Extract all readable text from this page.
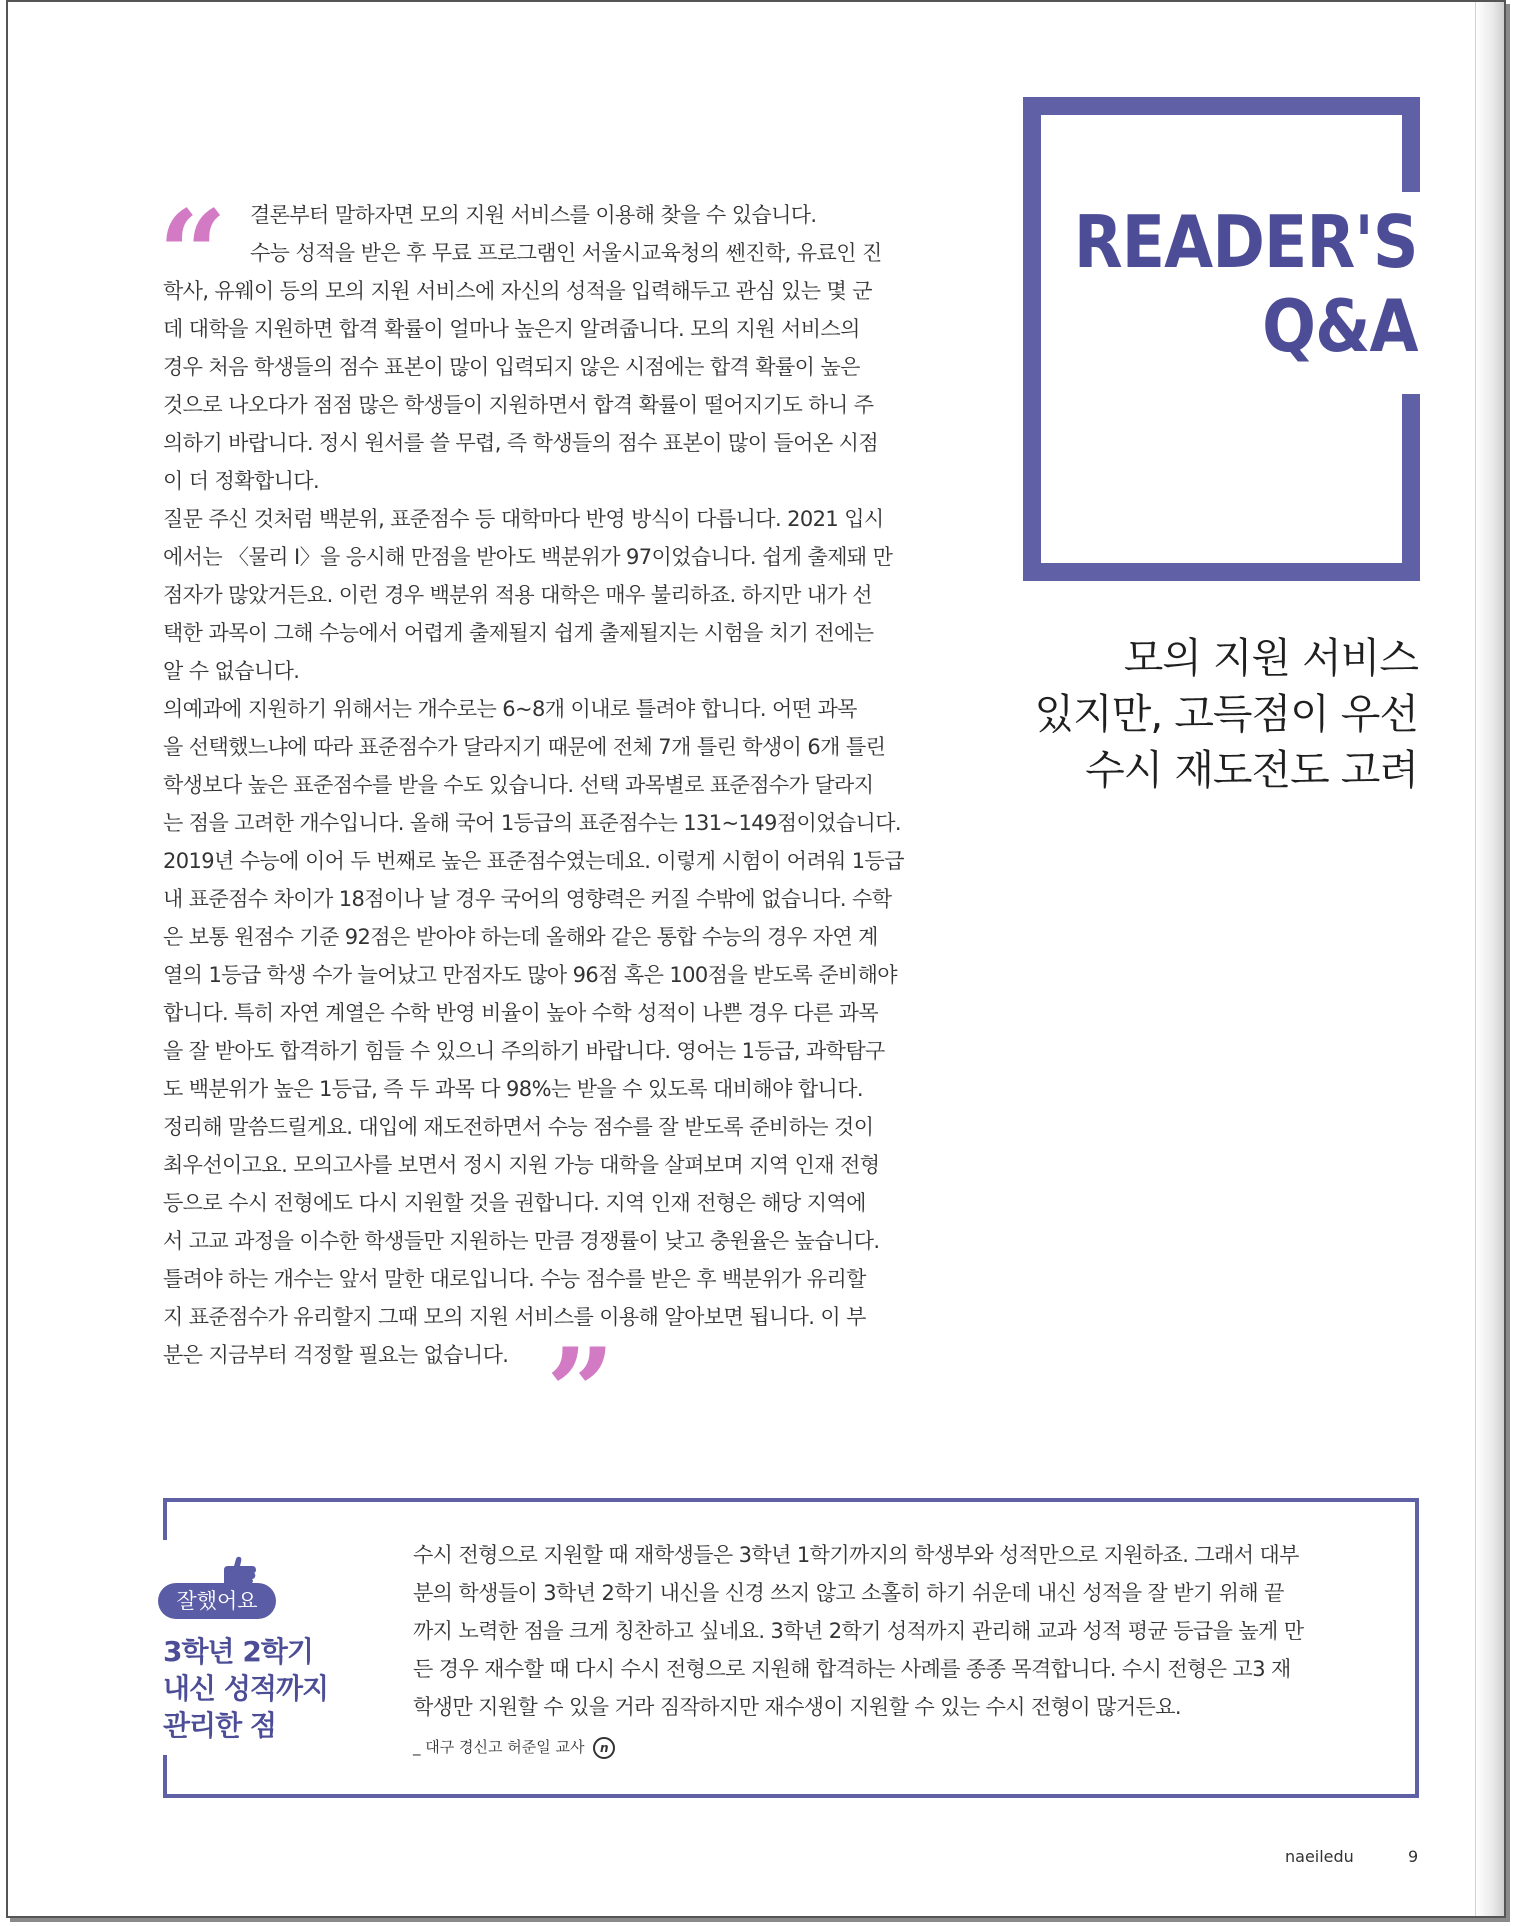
READER'S
Q&A
모의 지원 서비스
있지만, 고득점이 우선
수시 재도전도 고려
“	결론부터 말하자면 모의 지원 서비스를 이용해 찾을 수 있습니다.
수능 성적을 받은 후 무료 프로그램인 서울시교육청의 쎈진학, 유료인 진
학사, 유웨이 등의 모의 지원 서비스에 자신의 성적을 입력해두고 관심 있는 몇 군
데 대학을 지원하면 합격 확률이 얼마나 높은지 알려줍니다. 모의 지원 서비스의
경우 처음 학생들의 점수 표본이 많이 입력되지 않은 시점에는 합격 확률이 높은
것으로 나오다가 점점 많은 학생들이 지원하면서 합격 확률이 떨어지기도 하니 주
의하기 바랍니다. 정시 원서를 쓸 무렵, 즉 학생들의 점수 표본이 많이 들어온 시점
이 더 정확합니다.
질문 주신 것처럼 백분위, 표준점수 등 대학마다 반영 방식이 다릅니다. 2021 입시
에서는 〈물리 Ⅰ〉을 응시해 만점을 받아도 백분위가 97이었습니다. 쉽게 출제돼 만
점자가 많았거든요. 이런 경우 백분위 적용 대학은 매우 불리하죠. 하지만 내가 선
택한 과목이 그해 수능에서 어렵게 출제될지 쉽게 출제될지는 시험을 치기 전에는
알 수 없습니다.
의예과에 지원하기 위해서는 개수로는 6~8개 이내로 틀려야 합니다. 어떤 과목
을 선택했느냐에 따라 표준점수가 달라지기 때문에 전체 7개 틀린 학생이 6개 틀린
학생보다 높은 표준점수를 받을 수도 있습니다. 선택 과목별로 표준점수가 달라지
는 점을 고려한 개수입니다. 올해 국어 1등급의 표준점수는 131~149점이었습니다.
2019년 수능에 이어 두 번째로 높은 표준점수였는데요. 이렇게 시험이 어려워 1등급
내 표준점수 차이가 18점이나 날 경우 국어의 영향력은 커질 수밖에 없습니다. 수학
은 보통 원점수 기준 92점은 받아야 하는데 올해와 같은 통합 수능의 경우 자연 계
열의 1등급 학생 수가 늘어났고 만점자도 많아 96점 혹은 100점을 받도록 준비해야
합니다. 특히 자연 계열은 수학 반영 비율이 높아 수학 성적이 나쁜 경우 다른 과목
을 잘 받아도 합격하기 힘들 수 있으니 주의하기 바랍니다. 영어는 1등급, 과학탐구
도 백분위가 높은 1등급, 즉 두 과목 다 98%는 받을 수 있도록 대비해야 합니다.
정리해 말씀드릴게요. 대입에 재도전하면서 수능 점수를 잘 받도록 준비하는 것이
최우선이고요. 모의고사를 보면서 정시 지원 가능 대학을 살펴보며 지역 인재 전형
등으로 수시 전형에도 다시 지원할 것을 권합니다. 지역 인재 전형은 해당 지역에
서 고교 과정을 이수한 학생들만 지원하는 만큼 경쟁률이 낮고 충원율은 높습니다.
틀려야 하는 개수는 앞서 말한 대로입니다. 수능 점수를 받은 후 백분위가 유리할
지 표준점수가 유리할지 그때 모의 지원 서비스를 이용해 알아보면 됩니다. 이 부
분은 지금부터 걱정할 필요는 없습니다. ”
잘했어요
3학년 2학기
내신 성적까지
관리한 점
수시 전형으로 지원할 때 재학생들은 3학년 1학기까지의 학생부와 성적만으로 지원하죠. 그래서 대부
분의 학생들이 3학년 2학기 내신을 신경 쓰지 않고 소홀히 하기 쉬운데 내신 성적을 잘 받기 위해 끝
까지 노력한 점을 크게 칭찬하고 싶네요. 3학년 2학기 성적까지 관리해 교과 성적 평균 등급을 높게 만
든 경우 재수할 때 다시 수시 전형으로 지원해 합격하는 사례를 종종 목격합니다. 수시 전형은 고3 재
학생만 지원할 수 있을 거라 짐작하지만 재수생이 지원할 수 있는 수시 전형이 많거든요.
_ 대구 경신고 허준일 교사 n
naeiledu	9
